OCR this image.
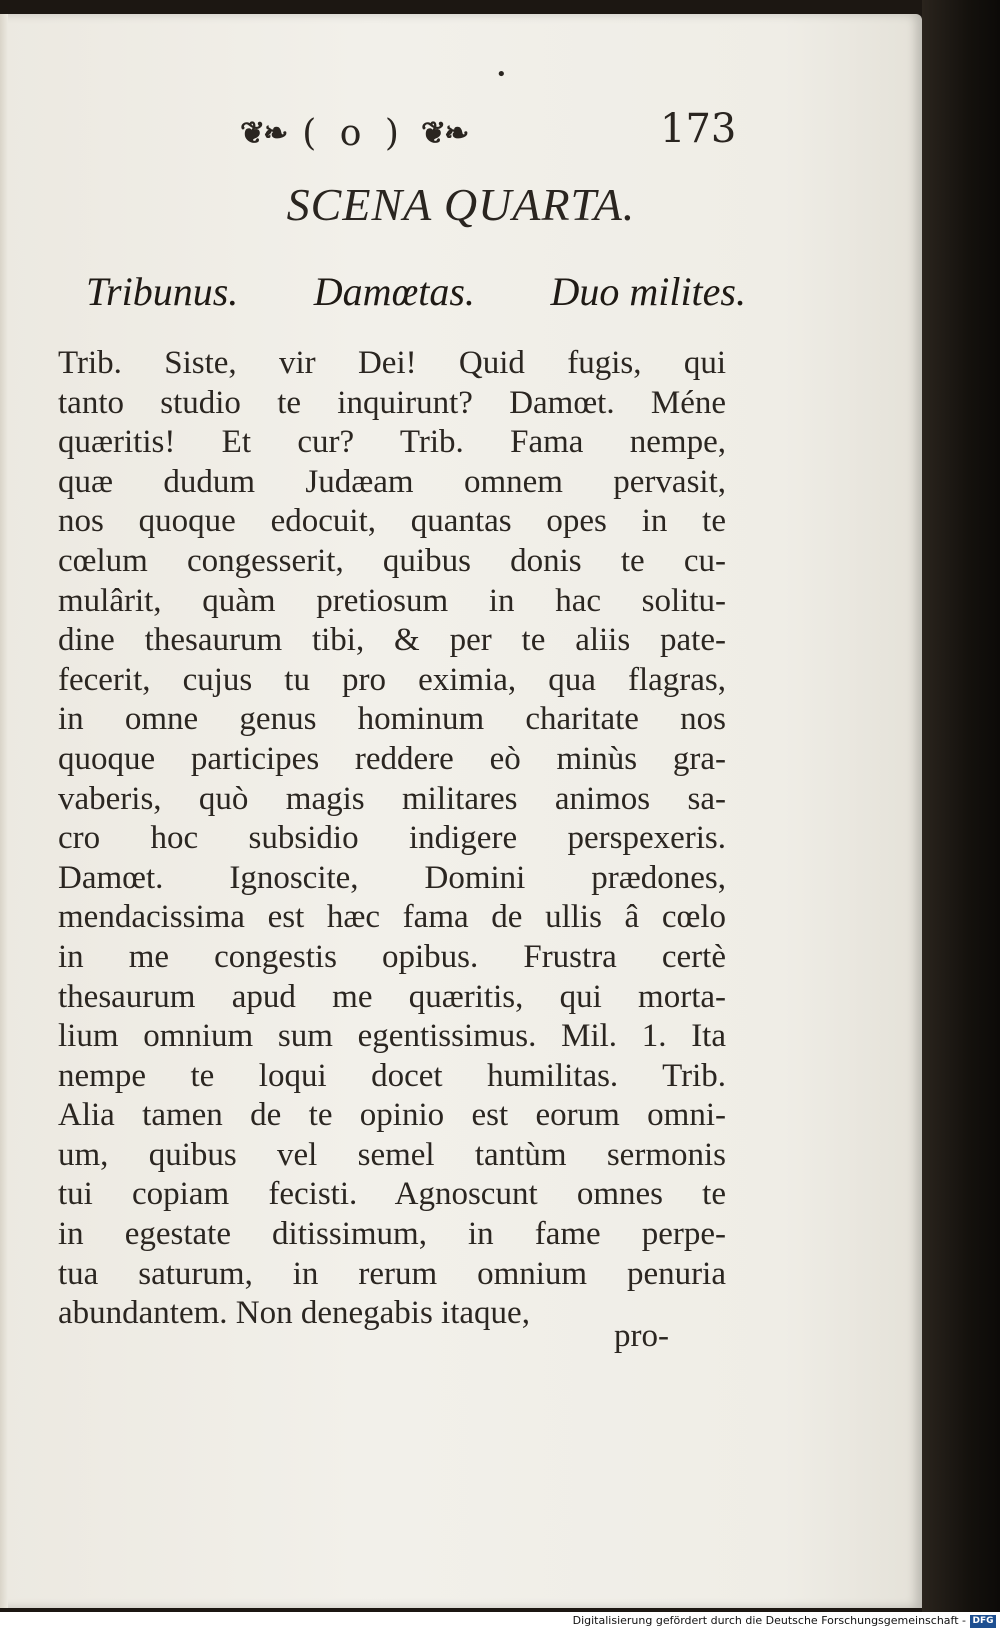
•
❦❧ ( o ) ❦❧	173
SCENA QUARTA.
Tribunus. Damœtas. Duo milites.
Trib. Siste, vir Dei! Quid fugis, qui
tanto studio te inquirunt? Damœt. Méne
quæritis! Et cur? Trib. Fama nempe,
quæ dudum Judæam omnem pervasit,
nos quoque edocuit, quantas opes in te
cœlum congesserit, quibus donis te cu-
mulârit, quàm pretiosum in hac solitu-
dine thesaurum tibi, & per te aliis pate-
fecerit, cujus tu pro eximia, qua flagras,
in omne genus hominum charitate nos
quoque participes reddere eò minùs gra-
vaberis, quò magis militares animos sa-
cro hoc subsidio indigere perspexeris.
Damœt. Ignoscite, Domini prædones,
mendacissima est hæc fama de ullis â cœlo
in me congestis opibus. Frustra certè
thesaurum apud me quæritis, qui morta-
lium omnium sum egentissimus. Mil. 1. Ita
nempe te loqui docet humilitas. Trib.
Alia tamen de te opinio est eorum omni-
um, quibus vel semel tantùm sermonis
tui copiam fecisti. Agnoscunt omnes te
in egestate ditissimum, in fame perpe-
tua saturum, in rerum omnium penuria
abundantem. Non denegabis itaque,
pro-
Digitalisierung gefördert durch die Deutsche Forschungsgemeinschaft - DFG
